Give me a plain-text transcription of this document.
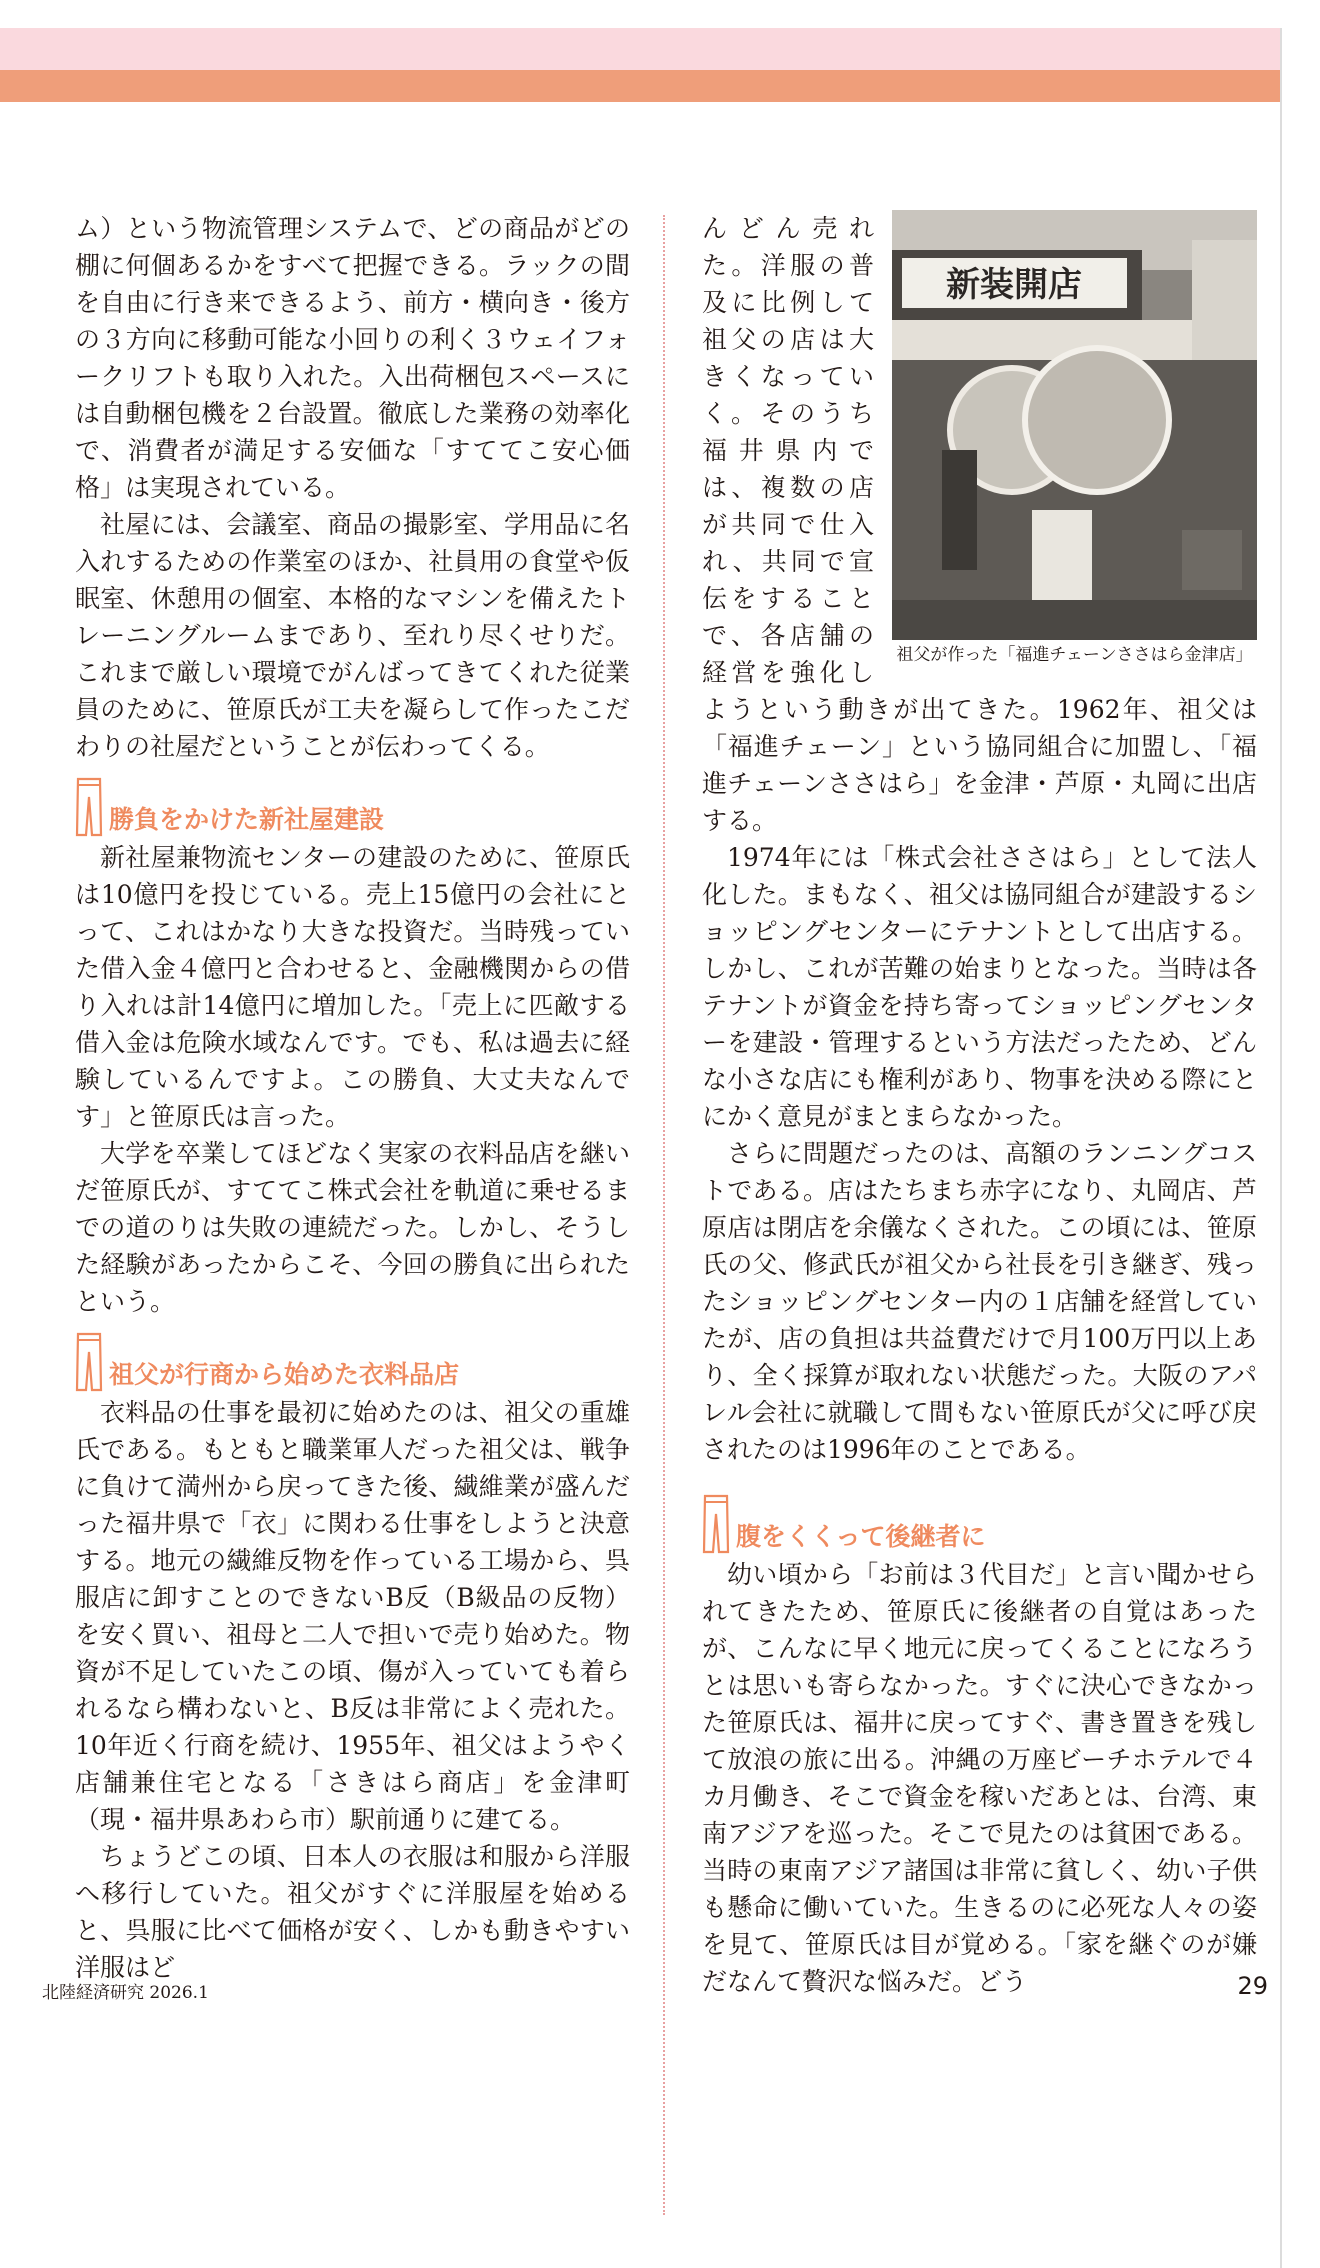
ム）という物流管理システムで、どの商品がどの棚に何個あるかをすべて把握できる。ラックの間を自由に行き来できるよう、前方・横向き・後方の３方向に移動可能な小回りの利く３ウェイフォークリフトも取り入れた。入出荷梱包スペースには自動梱包機を２台設置。徹底した業務の効率化で、消費者が満足する安価な「すててこ安心価格」は実現されている。

社屋には、会議室、商品の撮影室、学用品に名入れするための作業室のほか、社員用の食堂や仮眠室、休憩用の個室、本格的なマシンを備えたトレーニングルームまであり、至れり尽くせりだ。これまで厳しい環境でがんばってきてくれた従業員のために、笹原氏が工夫を凝らして作ったこだわりの社屋だということが伝わってくる。

勝負をかけた新社屋建設

新社屋兼物流センターの建設のために、笹原氏は10億円を投じている。売上15億円の会社にとって、これはかなり大きな投資だ。当時残っていた借入金４億円と合わせると、金融機関からの借り入れは計14億円に増加した。「売上に匹敵する借入金は危険水域なんです。でも、私は過去に経験しているんですよ。この勝負、大丈夫なんです」と笹原氏は言った。

大学を卒業してほどなく実家の衣料品店を継いだ笹原氏が、すててこ株式会社を軌道に乗せるまでの道のりは失敗の連続だった。しかし、そうした経験があったからこそ、今回の勝負に出られたという。

祖父が行商から始めた衣料品店

衣料品の仕事を最初に始めたのは、祖父の重雄氏である。もともと職業軍人だった祖父は、戦争に負けて満州から戻ってきた後、繊維業が盛んだった福井県で「衣」に関わる仕事をしようと決意する。地元の繊維反物を作っている工場から、呉服店に卸すことのできないB反（B級品の反物）を安く買い、祖母と二人で担いで売り始めた。物資が不足していたこの頃、傷が入っていても着られるなら構わないと、B反は非常によく売れた。10年近く行商を続け、1955年、祖父はようやく店舗兼住宅となる「さきはら商店」を金津町（現・福井県あわら市）駅前通りに建てる。

ちょうどこの頃、日本人の衣服は和服から洋服へ移行していた。祖父がすぐに洋服屋を始めると、呉服に比べて価格が安く、しかも動きやすい洋服はど

新装開店
祖父が作った「福進チェーンささはら金津店」

んどん売れた。洋服の普及に比例して祖父の店は大きくなっていく。そのうち福井県内では、複数の店が共同で仕入れ、共同で宣伝をすることで、各店舗の経営を強化しようという動きが出てきた。1962年、祖父は「福進チェーン」という協同組合に加盟し、「福進チェーンささはら」を金津・芦原・丸岡に出店する。

1974年には「株式会社ささはら」として法人化した。まもなく、祖父は協同組合が建設するショッピングセンターにテナントとして出店する。しかし、これが苦難の始まりとなった。当時は各テナントが資金を持ち寄ってショッピングセンターを建設・管理するという方法だったため、どんな小さな店にも権利があり、物事を決める際にとにかく意見がまとまらなかった。

さらに問題だったのは、高額のランニングコストである。店はたちまち赤字になり、丸岡店、芦原店は閉店を余儀なくされた。この頃には、笹原氏の父、修武氏が祖父から社長を引き継ぎ、残ったショッピングセンター内の１店舗を経営していたが、店の負担は共益費だけで月100万円以上あり、全く採算が取れない状態だった。大阪のアパレル会社に就職して間もない笹原氏が父に呼び戻されたのは1996年のことである。

腹をくくって後継者に

幼い頃から「お前は３代目だ」と言い聞かせられてきたため、笹原氏に後継者の自覚はあったが、こんなに早く地元に戻ってくることになろうとは思いも寄らなかった。すぐに決心できなかった笹原氏は、福井に戻ってすぐ、書き置きを残して放浪の旅に出る。沖縄の万座ビーチホテルで４カ月働き、そこで資金を稼いだあとは、台湾、東南アジアを巡った。そこで見たのは貧困である。当時の東南アジア諸国は非常に貧しく、幼い子供も懸命に働いていた。生きるのに必死な人々の姿を見て、笹原氏は目が覚める。「家を継ぐのが嫌だなんて贅沢な悩みだ。どう

北陸経済研究 2026.1	29
